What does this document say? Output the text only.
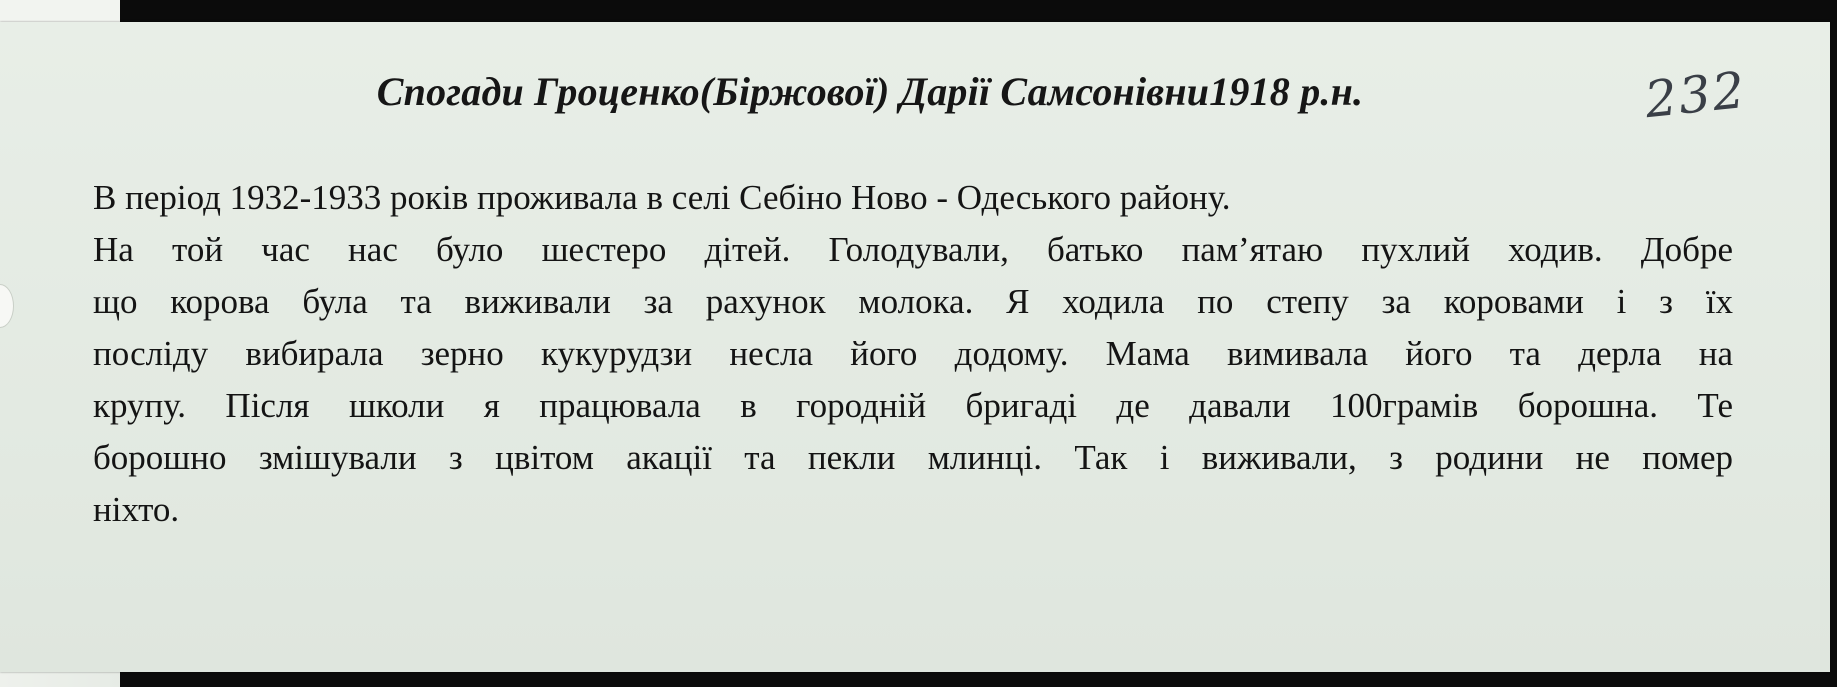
Спогади Гроценко(Біржової) Дарії Самсонівни1918 р.н.	232
В період 1932-1933 років проживала в селі Себіно Ново - Одеського району.
На той час нас було шестеро дітей. Голодували, батько пам’ятаю пухлий ходив. Добре
що корова була та виживали за рахунок молока. Я ходила по степу за коровами і з їх
посліду вибирала зерно кукурудзи несла його додому. Мама вимивала його та дерла на
крупу. Після школи я працювала в городній бригаді де давали 100грамів борошна. Те
борошно змішували з цвітом акації та пекли млинці. Так і виживали, з родини не помер
ніхто.
